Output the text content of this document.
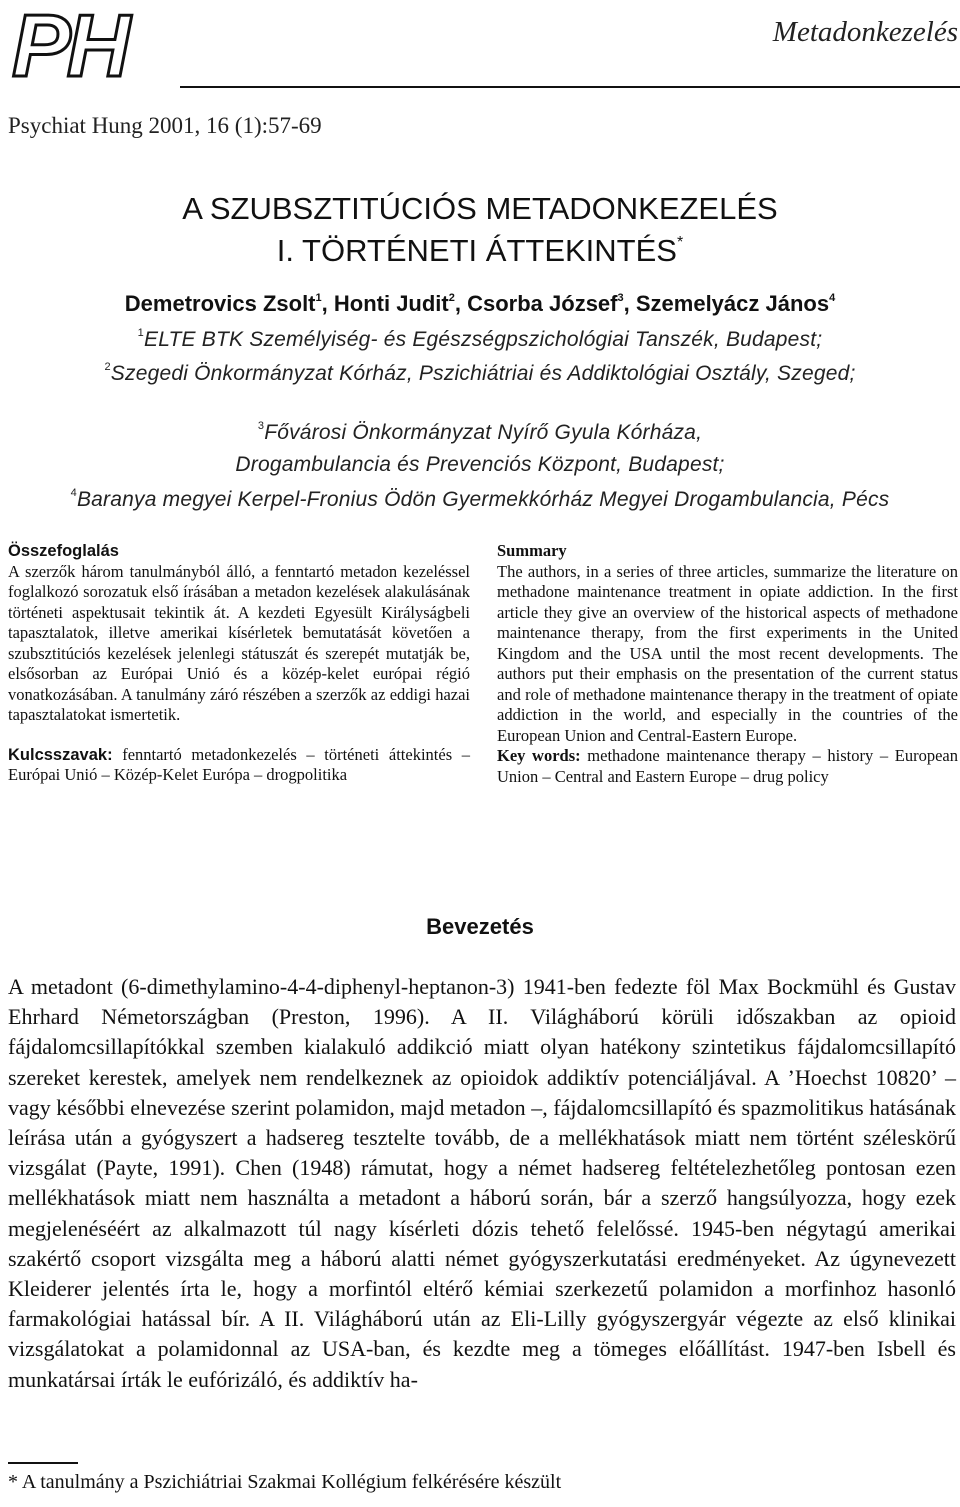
PH	Metadonkezelés
Psychiat Hung 2001, 16 (1):57-69
A SZUBSZTITÚCIÓS METADONKEZELÉS
I. TÖRTÉNETI ÁTTEKINTÉS*
Demetrovics Zsolt$^1$, Honti Judit$^2$, Csorba József$^3$, Szemelyácz János$^4$
$^1$ELTE BTK Személyiség- és Egészségpszichológiai Tanszék, Budapest;
$^2$Szegedi Önkormányzat Kórház, Pszichiátriai és Addiktológiai Osztály, Szeged;
$^3$Fővárosi Önkormányzat Nyírő Gyula Kórháza,
Drogambulancia és Prevenciós Központ, Budapest;
$^4$Baranya megyei Kerpel-Fronius Ödön Gyermekkórház Megyei Drogambulancia, Pécs
Összefoglalás
A szerzők három tanulmányból álló, a fenntartó metadon kezeléssel foglalkozó sorozatuk első írásában a metadon kezelések alakulásának történeti aspektusait tekintik át. A kezdeti Egyesült Királyságbeli tapasztalatok, illetve amerikai kísérletek bemutatását követően a szubsztitúciós kezelések jelenlegi státuszát és szerepét mutatják be, elsősorban az Európai Unió és a közép-kelet európai régió vonatkozásában. A tanulmány záró részében a szerzők az eddigi hazai tapasztalatokat ismertetik.
Kulcsszavak: fenntartó metadonkezelés – történeti áttekintés – Európai Unió – Közép-Kelet Európa – drogpolitika
Summary
The authors, in a series of three articles, summarize the literature on methadone maintenance treatment in opiate addiction. In the first article they give an overview of the historical aspects of methadone maintenance therapy, from the first experiments in the United Kingdom and the USA until the most recent developments. The authors put their emphasis on the presentation of the current status and role of methadone maintenance therapy in the treatment of opiate addiction in the world, and especially in the countries of the European Union and Central-Eastern Europe.
Key words: methadone maintenance therapy – history – European Union – Central and Eastern Europe – drug policy
Bevezetés
A metadont (6-dimethylamino-4-4-diphenyl-heptanon-3) 1941-ben fedezte föl Max Bockmühl és Gustav Ehrhard Németországban (Preston, 1996). A II. Világháború körüli időszakban az opioid fájdalomcsillapítókkal szemben kialakuló addikció miatt olyan hatékony szintetikus fájdalomcsillapító szereket kerestek, amelyek nem rendelkeznek az opioidok addiktív potenciáljával. A ’Hoechst 10820’ – vagy későbbi elnevezése szerint polamidon, majd metadon –, fájdalomcsillapító és spazmolitikus hatásának leírása után a gyógyszert a hadsereg tesztelte tovább, de a mellékhatások miatt nem történt széleskörű vizsgálat (Payte, 1991). Chen (1948) rámutat, hogy a német hadsereg feltételezhetőleg pontosan ezen mellékhatások miatt nem használta a metadont a háború során, bár a szerző hangsúlyozza, hogy ezek megjelenéséért az alkalmazott túl nagy kísérleti dózis tehető felelőssé. 1945-ben négytagú amerikai szakértő csoport vizsgálta meg a háború alatti német gyógyszerkutatási eredményeket. Az úgynevezett Kleiderer jelentés írta le, hogy a morfintól eltérő kémiai szerkezetű polamidon a morfinhoz hasonló farmakológiai hatással bír. A II. Világháború után az Eli-Lilly gyógyszergyár végezte az első klinikai vizsgálatokat a polamidonnal az USA-ban, és kezdte meg a tömeges előállítást. 1947-ben Isbell és munkatársai írták le eufórizáló, és addiktív ha-
* A tanulmány a Pszichiátriai Szakmai Kollégium felkérésére készült
